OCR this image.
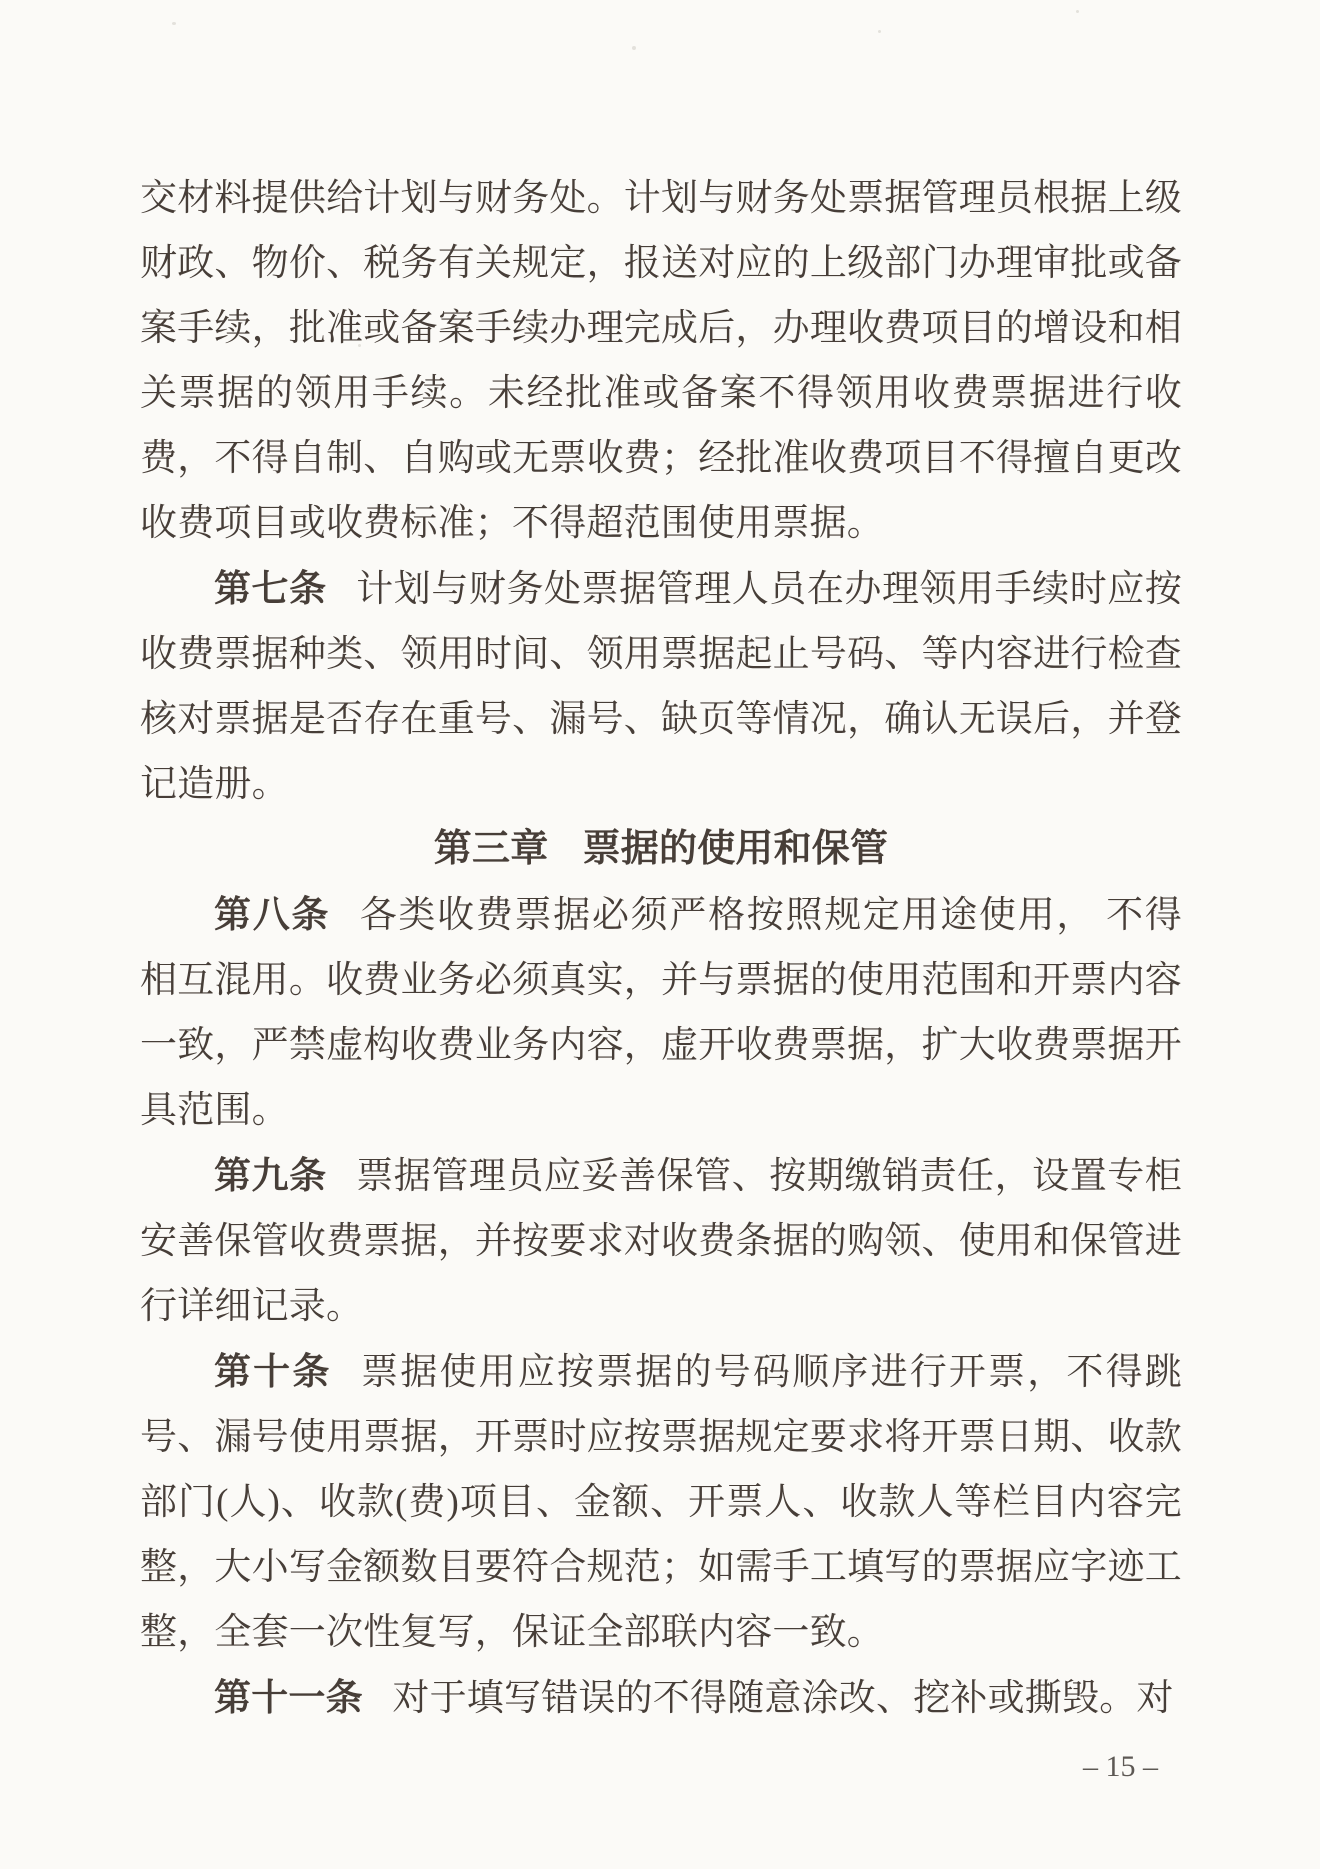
交材料提供给计划与财务处。计划与财务处票据管理员根据上级财政、物价、税务有关规定，报送对应的上级部门办理审批或备案手续，批准或备案手续办理完成后，办理收费项目的增设和相关票据的领用手续。未经批准或备案不得领用收费票据进行收费，不得自制、自购或无票收费；经批准收费项目不得擅自更改收费项目或收费标准；不得超范围使用票据。
第七条 计划与财务处票据管理人员在办理领用手续时应按收费票据种类、领用时间、领用票据起止号码、等内容进行检查核对票据是否存在重号、漏号、缺页等情况，确认无误后，并登记造册。
第三章 票据的使用和保管
第八条 各类收费票据必须严格按照规定用途使用， 不得相互混用。收费业务必须真实，并与票据的使用范围和开票内容一致，严禁虚构收费业务内容，虚开收费票据，扩大收费票据开具范围。
第九条 票据管理员应妥善保管、按期缴销责任，设置专柜安善保管收费票据，并按要求对收费条据的购领、使用和保管进行详细记录。
第十条 票据使用应按票据的号码顺序进行开票，不得跳号、漏号使用票据，开票时应按票据规定要求将开票日期、收款部门(人)、收款(费)项目、金额、开票人、收款人等栏目内容完整，大小写金额数目要符合规范；如需手工填写的票据应字迹工整，全套一次性复写，保证全部联内容一致。
第十一条 对于填写错误的不得随意涂改、挖补或撕毁。对
– 15 –
